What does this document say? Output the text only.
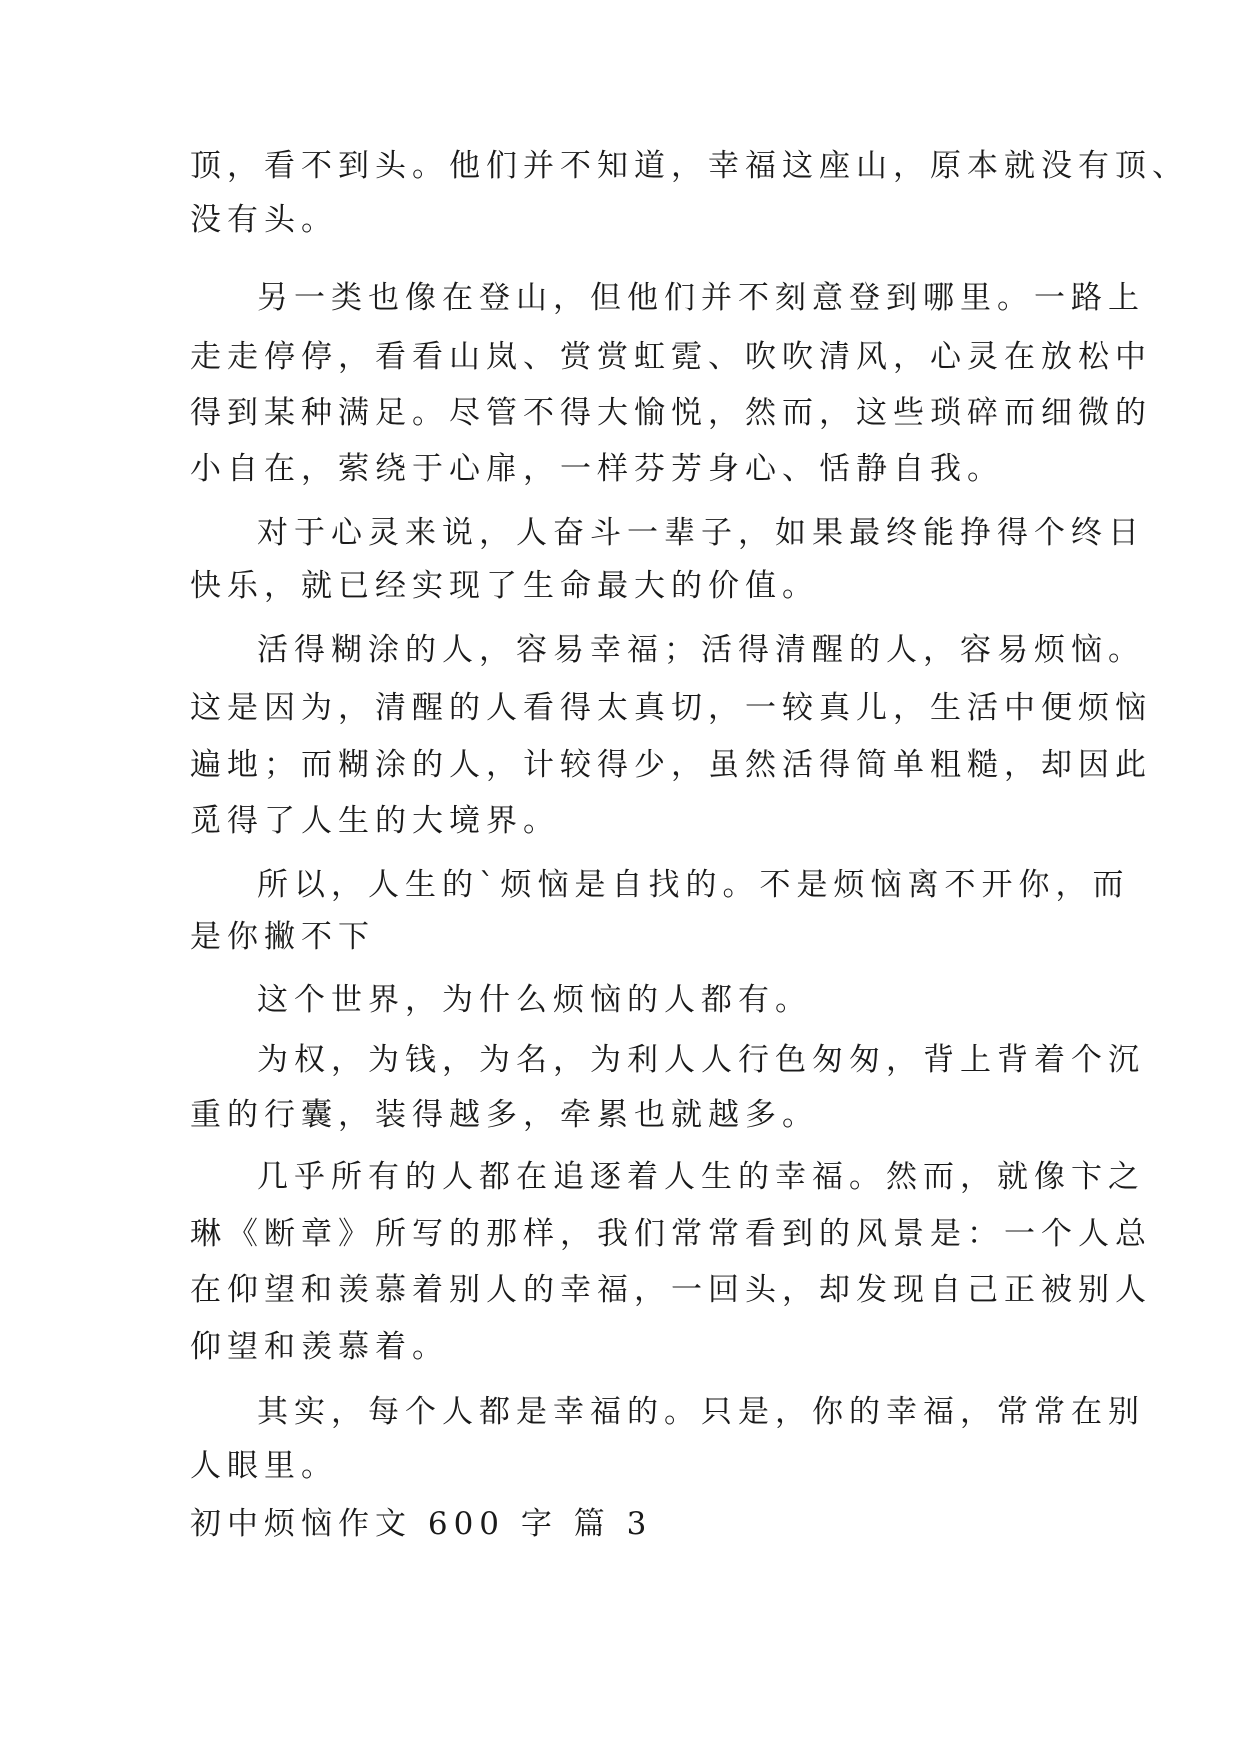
顶，看不到头。他们并不知道，幸福这座山，原本就没有顶、
没有头。
另一类也像在登山，但他们并不刻意登到哪里。一路上
走走停停，看看山岚、赏赏虹霓、吹吹清风，心灵在放松中
得到某种满足。尽管不得大愉悦，然而，这些琐碎而细微的
小自在，萦绕于心扉，一样芬芳身心、恬静自我。
对于心灵来说，人奋斗一辈子，如果最终能挣得个终日
快乐，就已经实现了生命最大的价值。
活得糊涂的人，容易幸福；活得清醒的人，容易烦恼。
这是因为，清醒的人看得太真切，一较真儿，生活中便烦恼
遍地；而糊涂的人，计较得少，虽然活得简单粗糙，却因此
觅得了人生的大境界。
所以，人生的`烦恼是自找的。不是烦恼离不开你，而
是你撇不下
这个世界，为什么烦恼的人都有。
为权，为钱，为名，为利人人行色匆匆，背上背着个沉
重的行囊，装得越多，牵累也就越多。
几乎所有的人都在追逐着人生的幸福。然而，就像卞之
琳《断章》所写的那样，我们常常看到的风景是：一个人总
在仰望和羡慕着别人的幸福，一回头，却发现自己正被别人
仰望和羡慕着。
其实，每个人都是幸福的。只是，你的幸福，常常在别
人眼里。
初中烦恼作文 600 字 篇 3
